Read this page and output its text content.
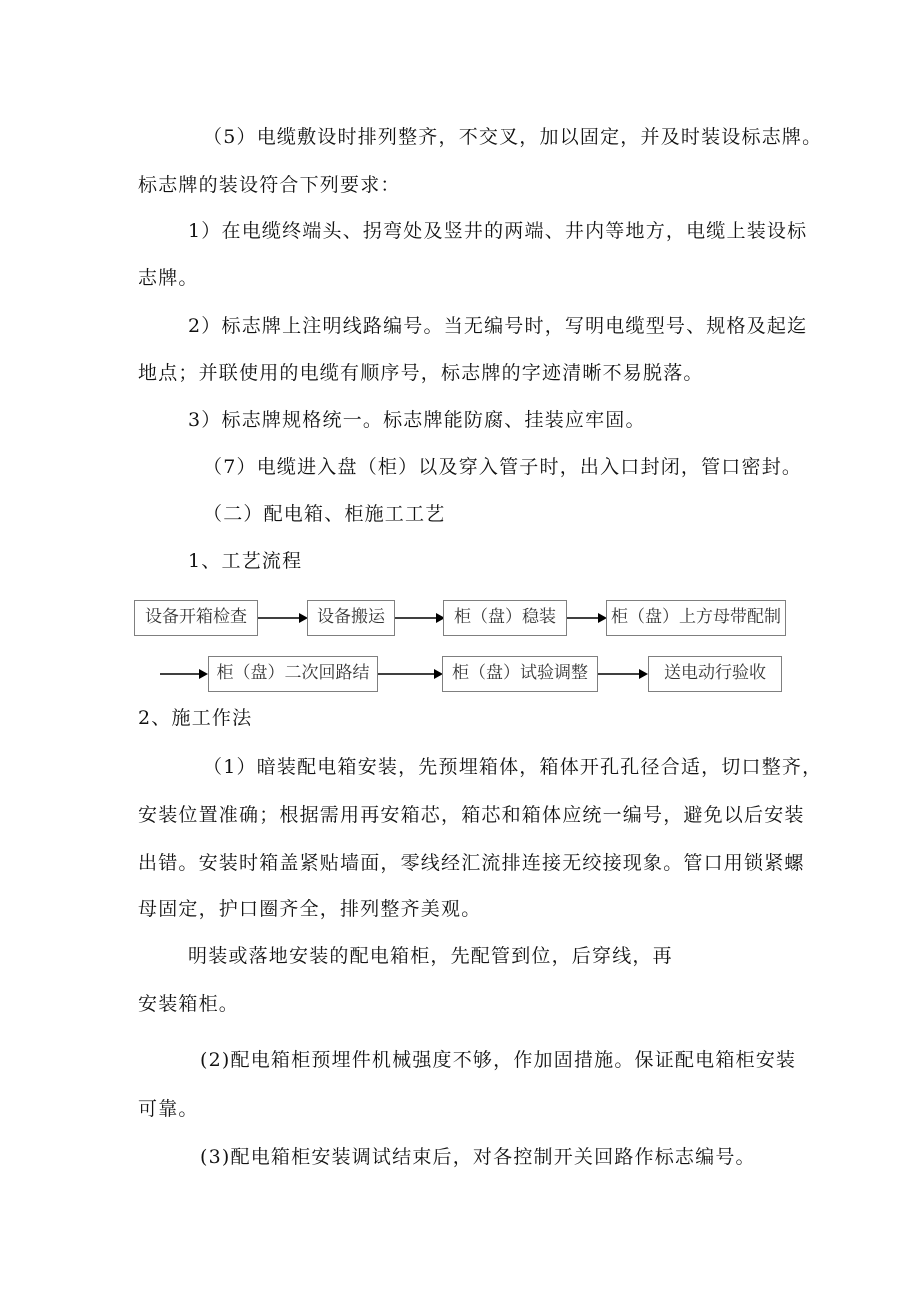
（5）电缆敷设时排列整齐，不交叉，加以固定，并及时装设标志牌。
标志牌的装设符合下列要求：
1）在电缆终端头、拐弯处及竖井的两端、井内等地方，电缆上装设标
志牌。
2）标志牌上注明线路编号。当无编号时，写明电缆型号、规格及起迄
地点；并联使用的电缆有顺序号，标志牌的字迹清晰不易脱落。
3）标志牌规格统一。标志牌能防腐、挂装应牢固。
（7）电缆进入盘（柜）以及穿入管子时，出入口封闭，管口密封。
（二）配电箱、柜施工工艺
1、工艺流程
设备开箱检查	设备搬运	柜（盘）稳装	柜（盘）上方母带配制
柜（盘）二次回路结	柜（盘）试验调整	送电动行验收
2、施工作法
（1）暗装配电箱安装，先预埋箱体，箱体开孔孔径合适，切口整齐，
安装位置准确；根据需用再安箱芯，箱芯和箱体应统一编号，避免以后安装
出错。安装时箱盖紧贴墙面，零线经汇流排连接无绞接现象。管口用锁紧螺
母固定，护口圈齐全，排列整齐美观。
明装或落地安装的配电箱柜，先配管到位，后穿线，再
安装箱柜。
(2)配电箱柜预埋件机械强度不够，作加固措施。保证配电箱柜安装
可靠。
(3)配电箱柜安装调试结束后，对各控制开关回路作标志编号。
